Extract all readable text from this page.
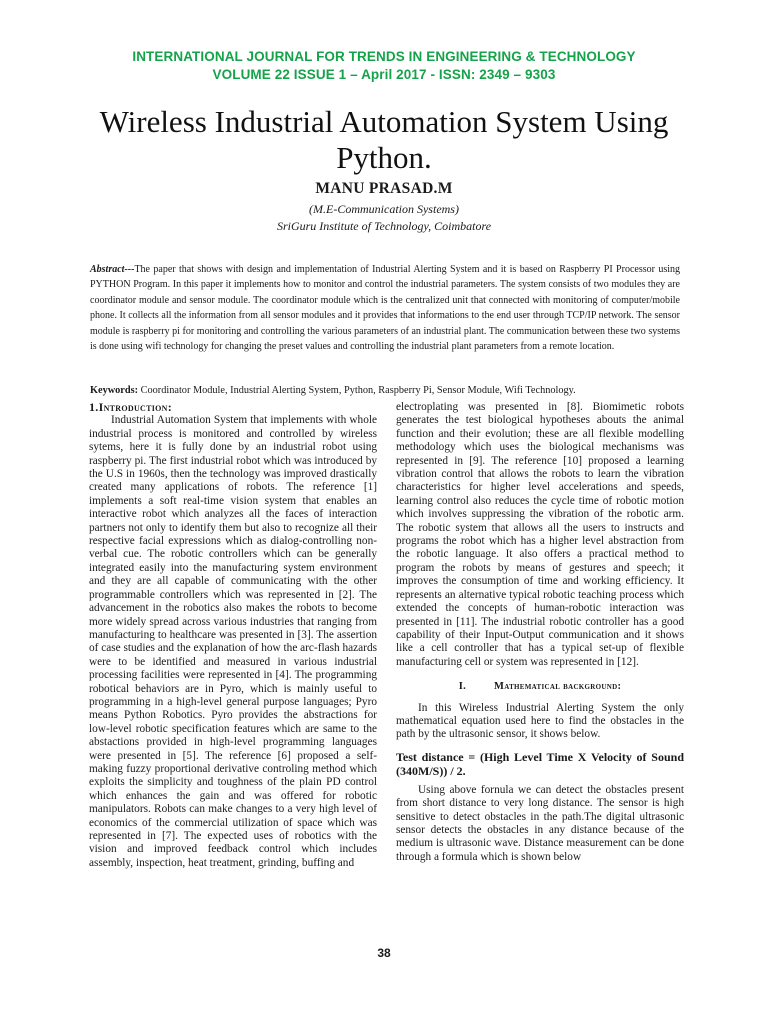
INTERNATIONAL JOURNAL FOR TRENDS IN ENGINEERING & TECHNOLOGY
VOLUME 22 ISSUE 1 – April 2017 - ISSN: 2349 – 9303
Wireless Industrial Automation System Using Python.
MANU PRASAD.M
(M.E-Communication Systems)
SriGuru Institute of Technology, Coimbatore

Abstract---The paper that shows with design and implementation of Industrial Alerting System and it is based on Raspberry PI Processor using PYTHON Program. In this paper it implements how to monitor and control the industrial parameters. The system consists of two modules they are coordinator module and sensor module. The coordinator module which is the centralized unit that connected with monitoring of computer/mobile phone. It collects all the information from all sensor modules and it provides that informations to the end user through TCP/IP network. The sensor module is raspberry pi for monitoring and controlling the various parameters of an industrial plant. The communication between these two systems is done using wifi technology for changing the preset values and controlling the industrial plant parameters from a remote location.

Keywords: Coordinator Module, Industrial Alerting System, Python, Raspberry Pi, Sensor Module, Wifi Technology.

1.Introduction:

Industrial Automation System that implements with whole industrial process is monitored and controlled by wireless sytems, here it is fully done by an industrial robot using raspberry pi. The first industrial robot which was introduced by the U.S in 1960s, then the technology was improved drastically created many applications of robots. The reference [1] implements a soft real-time vision system that enables an interactive robot which analyzes all the faces of interaction partners not only to identify them but also to recognize all their respective facial expressions which as dialog-controlling non-verbal cue. The robotic controllers which can be generally integrated easily into the manufacturing system environment and they are all capable of communicating with the other programmable controllers which was represented in [2]. The advancement in the robotics also makes the robots to become more widely spread across various industries that ranging from manufacturing to healthcare was presented in [3]. The assertion of case studies and the explanation of how the arc-flash hazards were to be identified and measured in various industrial processing facilities were represented in [4]. The programming robotical behaviors are in Pyro, which is mainly useful to programming in a high-level general purpose languages; Pyro means Python Robotics. Pyro provides the abstractions for low-level robotic specification features which are same to the abstactions provided in high-level programming languages were presented in [5]. The reference [6] proposed a self-making fuzzy proportional derivative controling method which exploits the simplicity and toughness of the plain PD control which enhances the gain and was offered for robotic manipulators. Robots can make changes to a very high level of economics of the commercial utilization of space which was represented in [7]. The expected uses of robotics with the vision and improved feedback control which includes assembly, inspection, heat treatment, grinding, buffing and

electroplating was presented in [8]. Biomimetic robots generates the test biological hypotheses abouts the animal function and their evolution; these are all flexible modelling methodology which uses the biological mechanisms was represented in [9]. The reference [10] proposed a learning vibration control that allows the robots to learn the vibration characteristics for higher level accelerations and speeds, learning control also reduces the cycle time of robotic motion which involves suppressing the vibration of the robotic arm. The robotic system that allows all the users to instructs and programs the robot which has a higher level abstraction from the robotic language. It also offers a practical method to program the robots by means of gestures and speech; it improves the consumption of time and working efficiency. It represents an alternative typical robotic teaching process which extended the concepts of human-robotic interaction was presented in [11]. The industrial robotic controller has a good capability of their Input-Output communication and it shows like a cell controller that has a typical set-up of flexible manufacturing cell or system was represented in [12].

I.	Mathematical background:

In this Wireless Industrial Alerting System the only mathematical equation used here to find the obstacles in the path by the ultrasonic sensor, it shows below.

Test distance = (High Level Time X Velocity of Sound (340M/S)) / 2.

Using above fornula we can detect the obstacles present from short distance to very long distance. The sensor is high sensitive to detect obstacles in the path.The digital ultrasonic sensor detects the obstacles in any distance because of the medium is ultrasonic wave. Distance measurement can be done through a formula which is shown below

38
